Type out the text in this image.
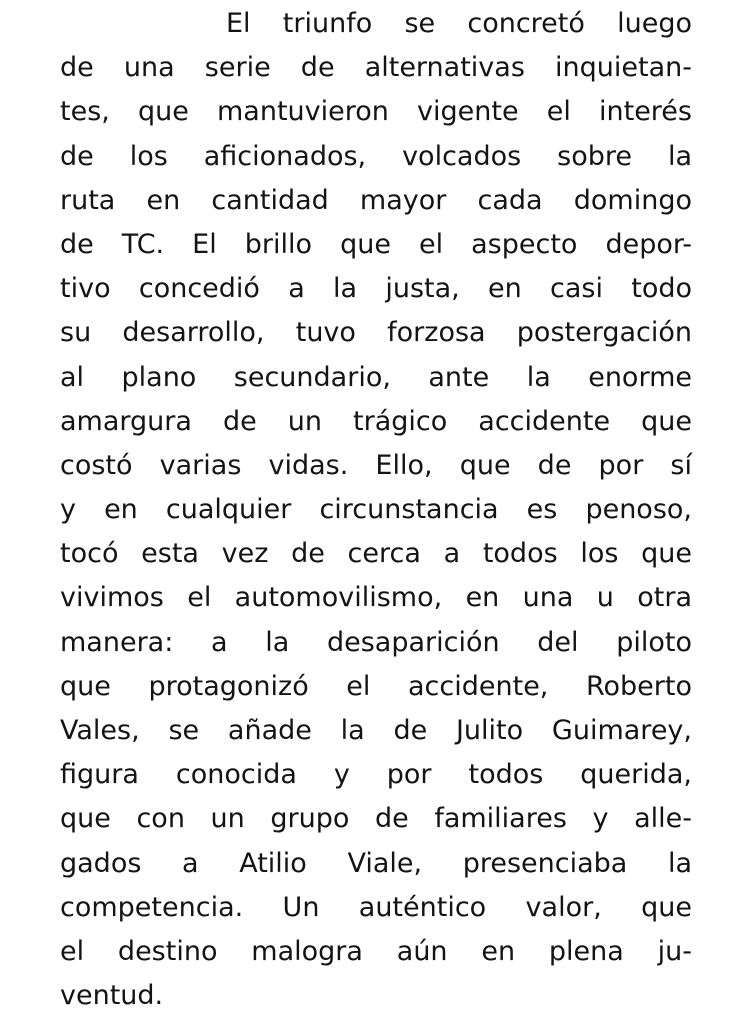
El triunfo se concretó luego
de una serie de alternativas inquietan-
tes, que mantuvieron vigente el interés
de los aficionados, volcados sobre la
ruta en cantidad mayor cada domingo
de TC. El brillo que el aspecto depor-
tivo concedió a la justa, en casi todo
su desarrollo, tuvo forzosa postergación
al plano secundario, ante la enorme
amargura de un trágico accidente que
costó varias vidas. Ello, que de por sí
y en cualquier circunstancia es penoso,
tocó esta vez de cerca a todos los que
vivimos el automovilismo, en una u otra
manera: a la desaparición del piloto
que protagonizó el accidente, Roberto
Vales, se añade la de Julito Guimarey,
figura conocida y por todos querida,
que con un grupo de familiares y alle-
gados a Atilio Viale, presenciaba la
competencia. Un auténtico valor, que
el destino malogra aún en plena ju-
ventud.
